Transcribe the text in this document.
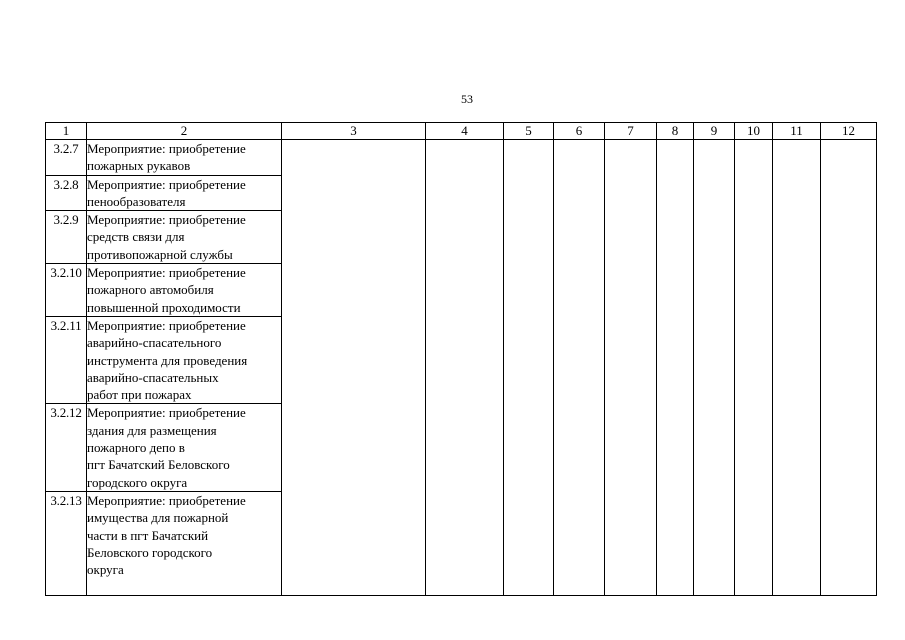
53
1	2	3	4	5	6	7	8	9	10	11	12
3.2.7	Мероприятие: приобретение
пожарных рукавов										

3.2.8	Мероприятие: приобретение
пенообразователя										

3.2.9	Мероприятие: приобретение
средств связи для
противопожарной службы										

3.2.10	Мероприятие: приобретение
пожарного автомобиля
повышенной проходимости										

3.2.11	Мероприятие: приобретение
аварийно-спасательного
инструмента для проведения
аварийно-спасательных
работ при пожарах										

3.2.12	Мероприятие: приобретение
здания для размещения
пожарного депо в
пгт Бачатский Беловского
городского округа										

3.2.13	Мероприятие: приобретение
имущества для пожарной
части в пгт Бачатский
Беловского городского
округа										
